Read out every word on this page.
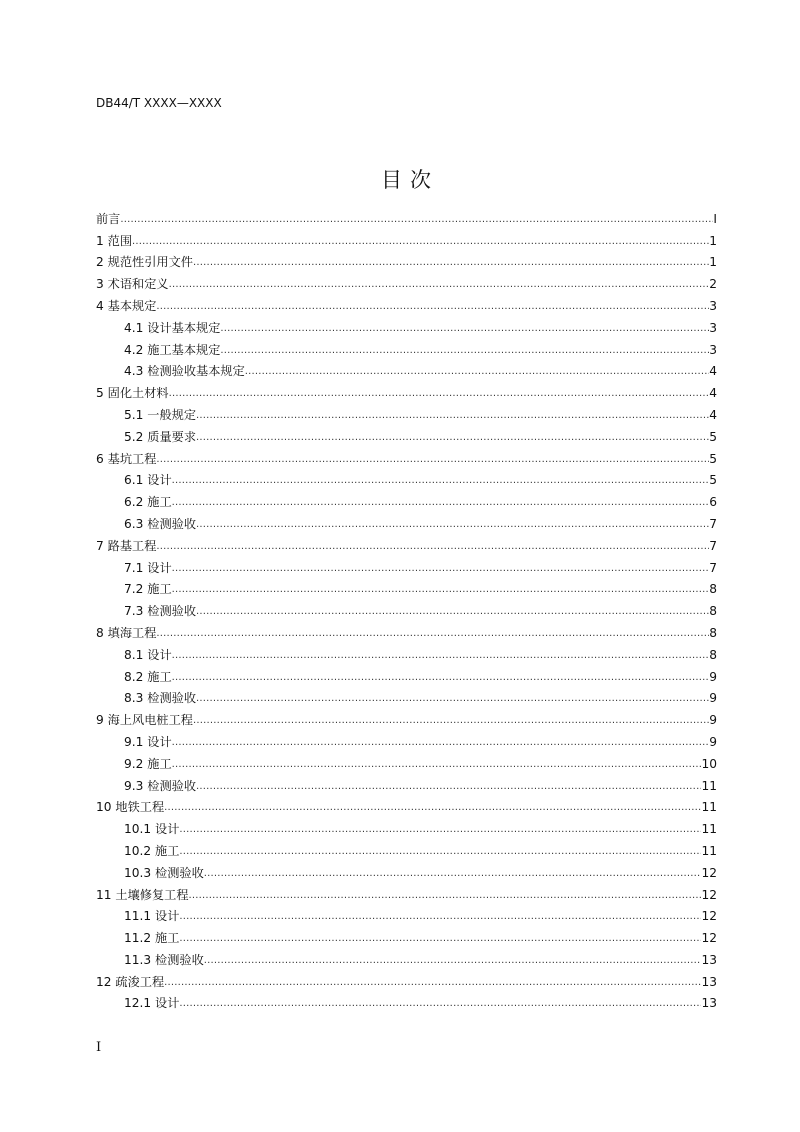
DB44/T XXXX—XXXX
目次
前言 .....	I
1 范围 .....	1
2 规范性引用文件 .....	1
3 术语和定义 .....	2
4 基本规定 .....	3
4.1 设计基本规定 .....	3
4.2 施工基本规定 .....	3
4.3 检测验收基本规定 .....	4
5 固化土材料 .....	4
5.1 一般规定 .....	4
5.2 质量要求 .....	5
6 基坑工程 .....	5
6.1 设计 .....	5
6.2 施工 .....	6
6.3 检测验收 .....	7
7 路基工程 .....	7
7.1 设计 .....	7
7.2 施工 .....	8
7.3 检测验收 .....	8
8 填海工程 .....	8
8.1 设计 .....	8
8.2 施工 .....	9
8.3 检测验收 .....	9
9 海上风电桩工程 .....	9
9.1 设计 .....	9
9.2 施工 .....	10
9.3 检测验收 .....	11
10 地铁工程 .....	11
10.1 设计 .....	11
10.2 施工 .....	11
10.3 检测验收 .....	12
11 土壤修复工程 .....	12
11.1 设计 .....	12
11.2 施工 .....	12
11.3 检测验收 .....	13
12 疏浚工程 .....	13
12.1 设计 .....	13
I
